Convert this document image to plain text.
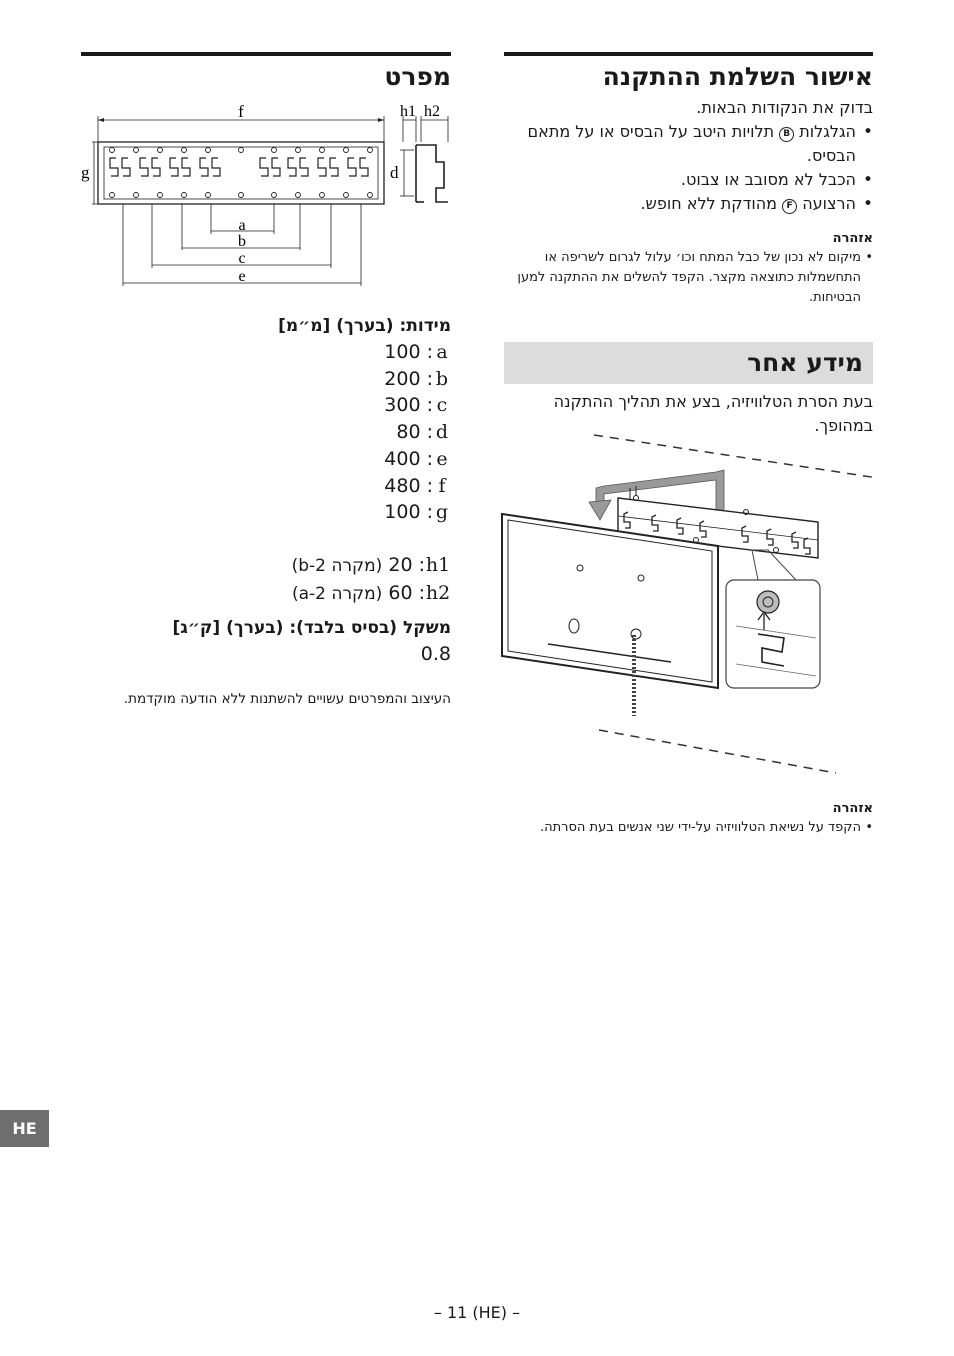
אישור השלמת ההתקנה
בדוק את הנקודות הבאות.
• הגלגלות B תלויות היטב על הבסיס או על מתאם הבסיס.
• הכבל לא מסובב או צבוט.
• הרצועה F מהודקת ללא חופש.
אזהרה
• מיקום לא נכון של כבל המתח וכו׳ עלול לגרום לשריפה או התחשמלות כתוצאה מקצר. הקפד להשלים את ההתקנה למען הבטיחות.
מידע אחר
בעת הסרת הטלוויזיה, בצע את תהליך ההתקנה במהופך.
אזהרה
• הקפד על נשיאת הטלוויזיה על-ידי שני אנשים בעת הסרתה.
מפרט
f
g
a
b
c
e
h1 h2
d
מידות: (בערך) [מ״מ]
a: 100
b: 200
c: 300
d: 80
e: 400
f: 480
g: 100
h1: 20 (מקרה b-2)
h2: 60 (מקרה a-2)
משקל (בסיס בלבד): (בערך) [ק״ג]
0.8
העיצוב והמפרטים עשויים להשתנות ללא הודעה מוקדמת.
HE
– 11 (HE) –
